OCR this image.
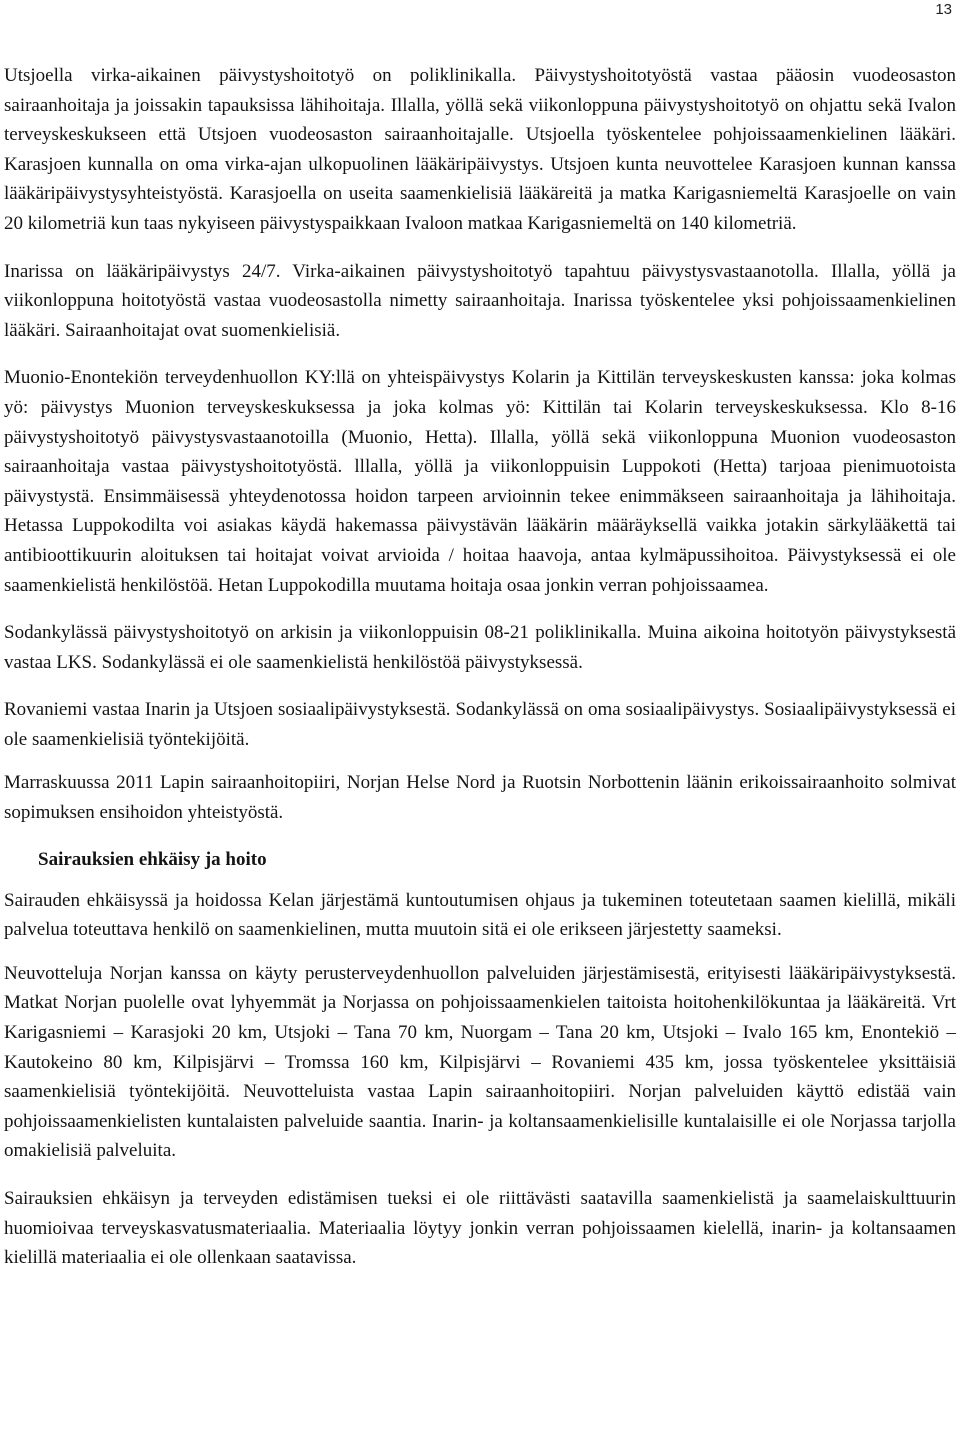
13

Utsjoella virka-aikainen päivystyshoitotyö on poliklinikalla. Päivystyshoitotyöstä vastaa pääosin vuodeosaston sairaanhoitaja ja joissakin tapauksissa lähihoitaja. Illalla, yöllä sekä viikonloppuna päivystyshoitotyö on ohjattu sekä Ivalon terveyskeskukseen että Utsjoen vuodeosaston sairaanhoitajalle. Utsjoella työskentelee pohjoissaamenkielinen lääkäri. Karasjoen kunnalla on oma virka-ajan ulkopuolinen lääkäripäivystys. Utsjoen kunta neuvottelee Karasjoen kunnan kanssa lääkäripäivystysyhteistyöstä. Karasjoella on useita saamenkielisiä lääkäreitä ja matka Karigasniemeltä Karasjoelle on vain 20 kilometriä kun taas nykyiseen päivystyspaikkaan Ivaloon matkaa Karigasniemeltä on 140 kilometriä.

Inarissa on lääkäripäivystys 24/7. Virka-aikainen päivystyshoitotyö tapahtuu päivystysvastaanotolla. Illalla, yöllä ja viikonloppuna hoitotyöstä vastaa vuodeosastolla nimetty sairaanhoitaja. Inarissa työskentelee yksi pohjoissaamenkielinen lääkäri. Sairaanhoitajat ovat suomenkielisiä.

Muonio-Enontekiön terveydenhuollon KY:llä on yhteispäivystys Kolarin ja Kittilän terveyskeskusten kanssa: joka kolmas yö: päivystys Muonion terveyskeskuksessa ja joka kolmas yö: Kittilän tai Kolarin terveyskeskuksessa. Klo 8-16 päivystyshoitotyö päivystysvastaanotoilla (Muonio, Hetta). Illalla, yöllä sekä viikonloppuna Muonion vuodeosaston sairaanhoitaja vastaa päivystyshoitotyöstä. lllalla, yöllä ja viikonloppuisin Luppokoti (Hetta) tarjoaa pienimuotoista päivystystä. Ensimmäisessä yhteydenotossa hoidon tarpeen arvioinnin tekee enimmäkseen sairaanhoitaja ja lähihoitaja. Hetassa Luppokodilta voi asiakas käydä hakemassa päivystävän lääkärin määräyksellä vaikka jotakin särkylääkettä tai antibioottikuurin aloituksen tai hoitajat voivat arvioida / hoitaa haavoja, antaa kylmäpussihoitoa. Päivystyksessä ei ole saamenkielistä henkilöstöä. Hetan Luppokodilla muutama hoitaja osaa jonkin verran pohjoissaamea.

Sodankylässä päivystyshoitotyö on arkisin ja viikonloppuisin 08-21 poliklinikalla. Muina aikoina hoitotyön päivystyksestä vastaa LKS. Sodankylässä ei ole saamenkielistä henkilöstöä päivystyksessä.

Rovaniemi vastaa Inarin ja Utsjoen sosiaalipäivystyksestä. Sodankylässä on oma sosiaalipäivystys. Sosiaalipäivystyksessä ei ole saamenkielisiä työntekijöitä.

Marraskuussa 2011 Lapin sairaanhoitopiiri, Norjan Helse Nord ja Ruotsin Norbottenin läänin erikoissairaanhoito solmivat sopimuksen ensihoidon yhteistyöstä.

Sairauksien ehkäisy ja hoito

Sairauden ehkäisyssä ja hoidossa Kelan järjestämä kuntoutumisen ohjaus ja tukeminen toteutetaan saamen kielillä, mikäli palvelua toteuttava henkilö on saamenkielinen, mutta muutoin sitä ei ole erikseen järjestetty saameksi.

Neuvotteluja Norjan kanssa on käyty perusterveydenhuollon palveluiden järjestämisestä, erityisesti lääkäripäivystyksestä. Matkat Norjan puolelle ovat lyhyemmät ja Norjassa on pohjoissaamenkielen taitoista hoitohenkilökuntaa ja lääkäreitä. Vrt Karigasniemi – Karasjoki 20 km, Utsjoki – Tana 70 km, Nuorgam – Tana 20 km, Utsjoki – Ivalo 165 km, Enontekiö – Kautokeino 80 km, Kilpisjärvi – Tromssa 160 km, Kilpisjärvi – Rovaniemi 435 km, jossa työskentelee yksittäisiä saamenkielisiä työntekijöitä. Neuvotteluista vastaa Lapin sairaanhoitopiiri. Norjan palveluiden käyttö edistää vain pohjoissaamenkielisten kuntalaisten palveluide saantia. Inarin- ja koltansaamenkielisille kuntalaisille ei ole Norjassa tarjolla omakielisiä palveluita.

Sairauksien ehkäisyn ja terveyden edistämisen tueksi ei ole riittävästi saatavilla saamenkielistä ja saamelaiskulttuurin huomioivaa terveyskasvatusmateriaalia. Materiaalia löytyy jonkin verran pohjoissaamen kielellä, inarin- ja koltansaamen kielillä materiaalia ei ole ollenkaan saatavissa.
